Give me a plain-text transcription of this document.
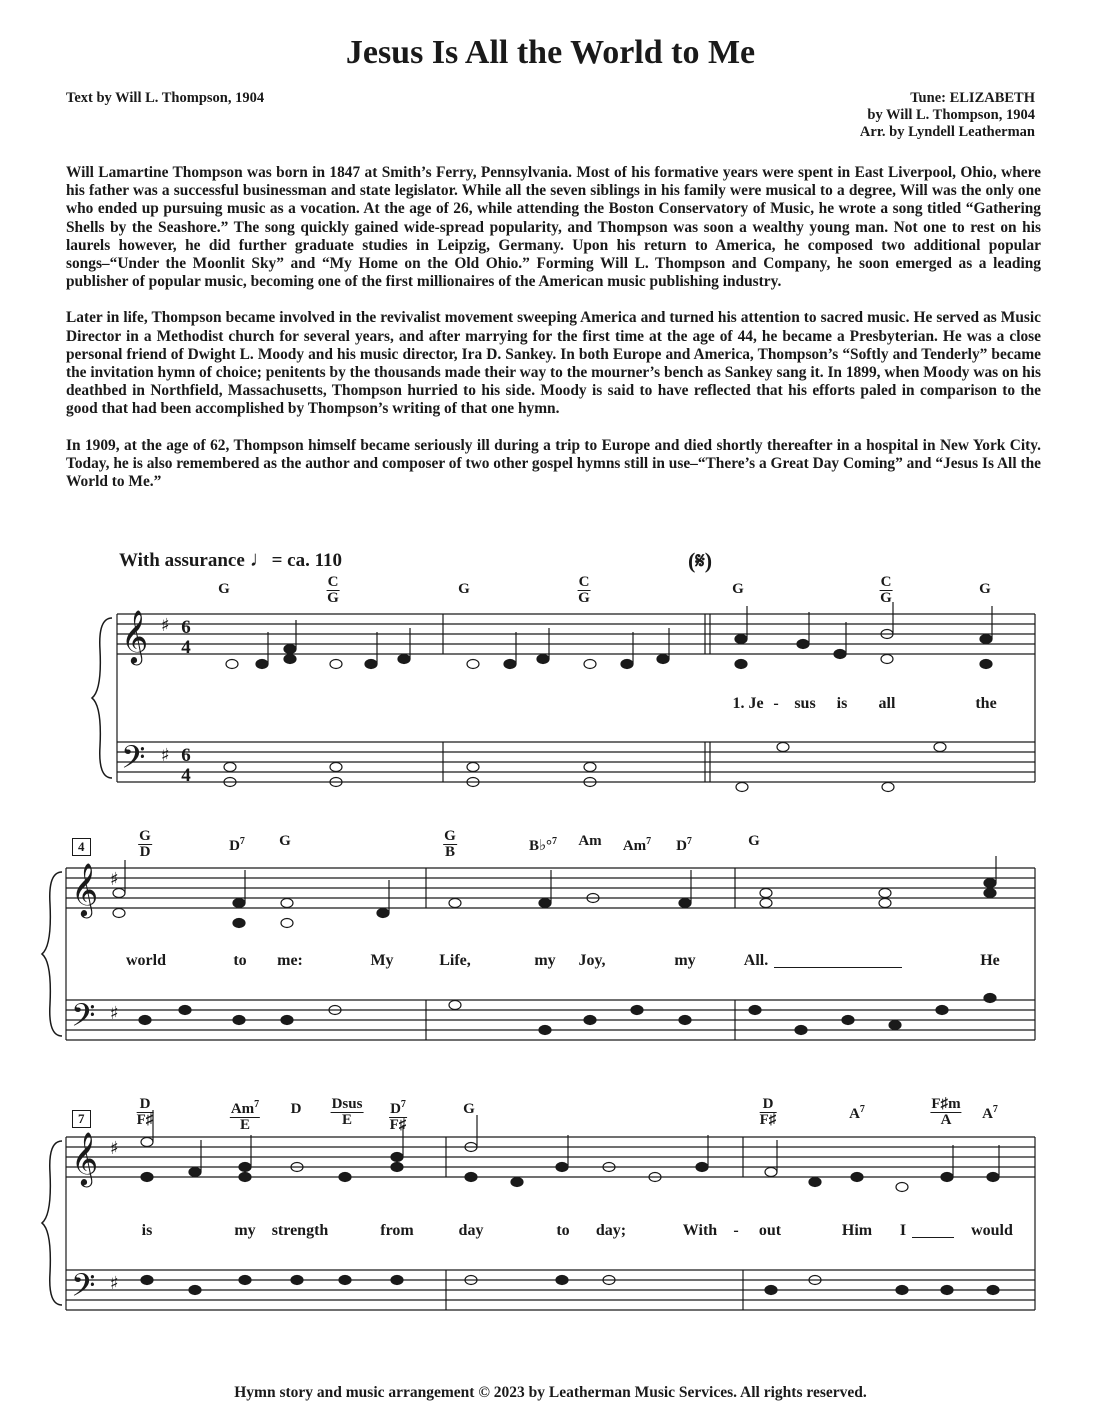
Jesus Is All the World to Me
Text by Will L. Thompson, 1904	Tune: ELIZABETH
by Will L. Thompson, 1904
Arr. by Lyndell Leatherman

Will Lamartine Thompson was born in 1847 at Smith’s Ferry, Pennsylvania. Most of his formative years were spent in East Liverpool, Ohio, where his father was a successful businessman and state legislator. While all the seven siblings in his family were musical to a degree, Will was the only one who ended up pursuing music as a vocation. At the age of 26, while attending the Boston Conservatory of Music, he wrote a song titled “Gathering Shells by the Seashore.” The song quickly gained wide-spread popularity, and Thompson was soon a wealthy young man. Not one to rest on his laurels however, he did further graduate studies in Leipzig, Germany. Upon his return to America, he composed two additional popular songs–“Under the Moonlit Sky” and “My Home on the Old Ohio.” Forming Will L. Thompson and Company, he soon emerged as a leading publisher of popular music, becoming one of the first millionaires of the American music publishing industry.

Later in life, Thompson became involved in the revivalist movement sweeping America and turned his attention to sacred music. He served as Music Director in a Methodist church for several years, and after marrying for the first time at the age of 44, he became a Presbyterian. He was a close personal friend of Dwight L. Moody and his music director, Ira D. Sankey. In both Europe and America, Thompson’s “Softly and Tenderly” became the invitation hymn of choice; penitents by the thousands made their way to the mourner’s bench as Sankey sang it. In 1899, when Moody was on his deathbed in Northfield, Massachusetts, Thompson hurried to his side. Moody is said to have reflected that his efforts paled in comparison to the good that had been accomplished by Thompson’s writing of that one hymn.

In 1909, at the age of 62, Thompson himself became seriously ill during a trip to Europe and died shortly thereafter in a hospital in New York City. Today, he is also remembered as the author and composer of two other gospel hymns still in use–“There’s a Great Day Coming” and “Jesus Is All the World to Me.”

With assurance ♩= ca. 110	(𝄋)
𝄞
𝄢
♯
♯
𝄞
𝄢
♯
♯
𝄞
𝄢
♯
♯
6
4
6
4
G	$\frac{C}{G}$	G	$\frac{C}{G}$	G	$\frac{C}{G}$	G
1. Je - sus is all	the
4	$\frac{G}{D}$	$D^7$ G	$\frac{G}{B}$	B♭°$^7$ Am Am$^7$ $D^7$	G
world	to me:	My	Life,	my Joy,	my	All.	He
7	$\frac{D}{F♯}$	$\frac{Am^7}{E}$ D $\frac{\text{Dsus}}{E} \frac{D^7}{F♯}$	G	$\frac{D}{F♯}$	$A^7$	$\frac{F♯m}{A} A^7$
is	my strength	from	day	to day;	With - out	Him I	would
Hymn story and music arrangement © 2023 by Leatherman Music Services. All rights reserved.
